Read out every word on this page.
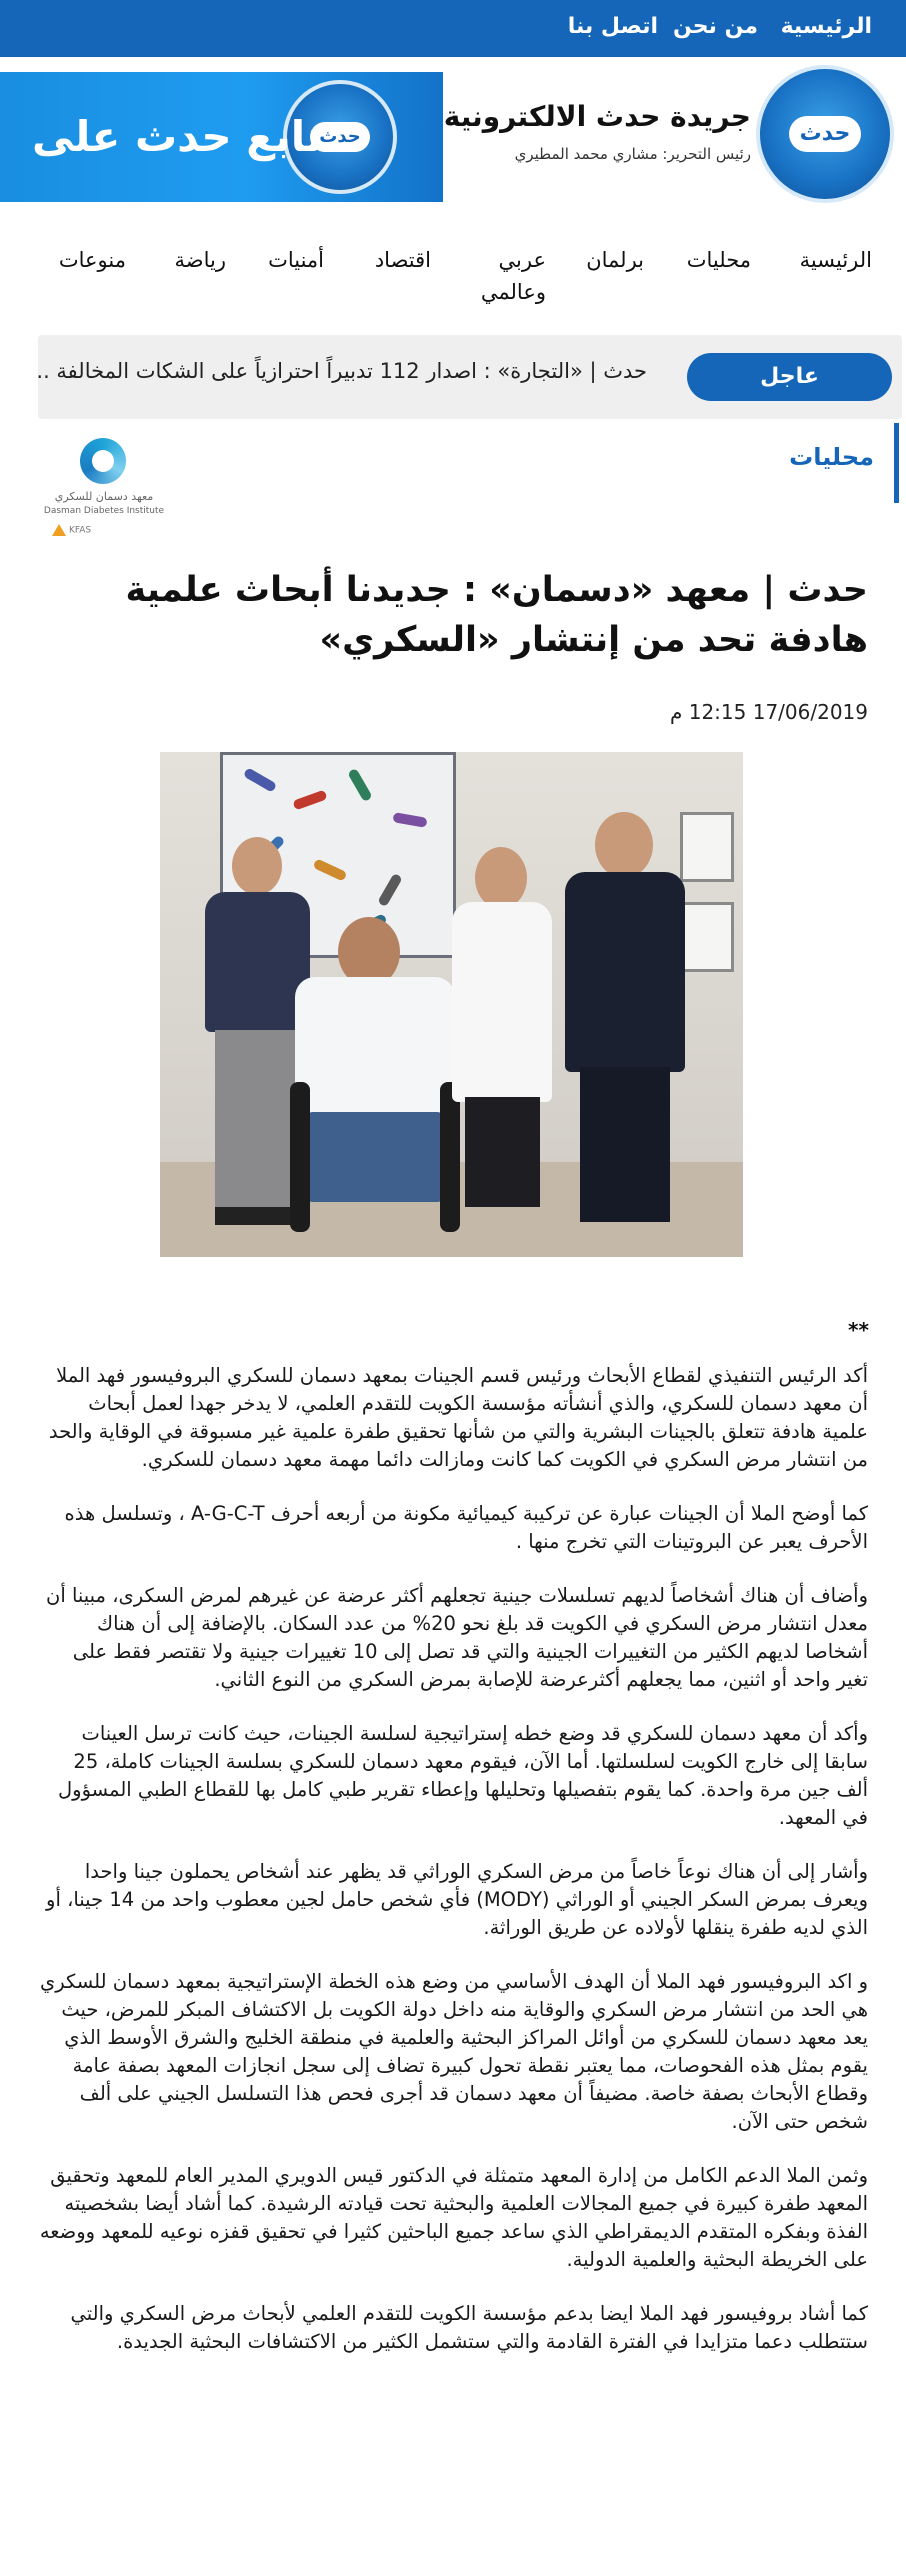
الرئيسية
من نحن
اتصل بنا
حدث
جريدة حدث الالكترونية
رئيس التحرير: مشاري محمد المطيري
حدث
تابع حدث على
الرئيسية
محليات
برلمان
عربي وعالمي
اقتصاد
أمنيات
رياضة
منوعات
عاجل
حدث | «التجارة» : اصدار 112 تدبيراً احترازياً على الشكات المخالفة ..
محليات
معهد دسمان للسكري
Dasman Diabetes Institute
KFAS
حدث | معهد «دسمان» : جديدنا أبحاث علمية هادفة تحد من إنتشار «السكري»
17/06/2019 12:15 م
**

أكد الرئيس التنفيذي لقطاع الأبحاث ورئيس قسم الجينات بمعهد دسمان للسكري البروفيسور فهد الملا أن معهد دسمان للسكري، والذي أنشأته مؤسسة الكويت للتقدم العلمي، لا يدخر جهدا لعمل أبحاث علمية هادفة تتعلق بالجينات البشرية والتي من شأنها تحقيق طفرة علمية غير مسبوقة في الوقاية والحد من انتشار مرض السكري في الكويت كما كانت ومازالت دائما مهمة معهد دسمان للسكري.

كما أوضح الملا أن الجينات عبارة عن تركيبة كيميائية مكونة من أربعه أحرف A-G-C-T ، وتسلسل هذه الأحرف يعبر عن البروتينات التي تخرج منها .

وأضاف أن هناك أشخاصاً لديهم تسلسلات جينية تجعلهم أكثر عرضة عن غيرهم لمرض السكرى، مبينا أن معدل انتشار مرض السكري في الكويت قد بلغ نحو 20% من عدد السكان. بالإضافة إلى أن هناك أشخاصا لديهم الكثير من التغييرات الجينية والتي قد تصل إلى 10 تغييرات جينية ولا تقتصر فقط على تغير واحد أو اثنين، مما يجعلهم أكثرعرضة للإصابة بمرض السكري من النوع الثاني.

وأكد أن معهد دسمان للسكري قد وضع خطه إستراتيجية لسلسة الجينات، حيث كانت ترسل العينات سابقا إلى خارج الكويت لسلسلتها. أما الآن، فيقوم معهد دسمان للسكري بسلسة الجينات كاملة، 25 ألف جين مرة واحدة. كما يقوم بتفصيلها وتحليلها وإعطاء تقرير طبي كامل بها للقطاع الطبي المسؤول في المعهد.

وأشار إلى أن هناك نوعاً خاصاً من مرض السكري الوراثي قد يظهر عند أشخاص يحملون جينا واحدا ويعرف بمرض السكر الجيني أو الوراثي (MODY) فأي شخص حامل لجين معطوب واحد من 14 جينا، أو الذي لديه طفرة ينقلها لأولاده عن طريق الوراثة.

و اكد البروفيسور فهد الملا أن الهدف الأساسي من وضع هذه الخطة الإستراتيجية بمعهد دسمان للسكري هي الحد من انتشار مرض السكري والوقاية منه داخل دولة الكويت بل الاكتشاف المبكر للمرض، حيث يعد معهد دسمان للسكري من أوائل المراكز البحثية والعلمية في منطقة الخليج والشرق الأوسط الذي يقوم بمثل هذه الفحوصات، مما يعتبر نقطة تحول كبيرة تضاف إلى سجل انجازات المعهد بصفة عامة وقطاع الأبحاث بصفة خاصة. مضيفاً أن معهد دسمان قد أجرى فحص هذا التسلسل الجيني على ألف شخص حتى الآن.

وثمن الملا الدعم الكامل من إدارة المعهد متمثلة في الدكتور قيس الدويري المدير العام للمعهد وتحقيق المعهد طفرة كبيرة في جميع المجالات العلمية والبحثية تحت قيادته الرشيدة. كما أشاد أيضا بشخصيته الفذة وبفكره المتقدم الديمقراطي الذي ساعد جميع الباحثين كثيرا في تحقيق قفزه نوعيه للمعهد ووضعه على الخريطة البحثية والعلمية الدولية.

كما أشاد بروفيسور فهد الملا ايضا بدعم مؤسسة الكويت للتقدم العلمي لأبحاث مرض السكري والتي ستتطلب دعما متزايدا في الفترة القادمة والتي ستشمل الكثير من الاكتشافات البحثية الجديدة.
